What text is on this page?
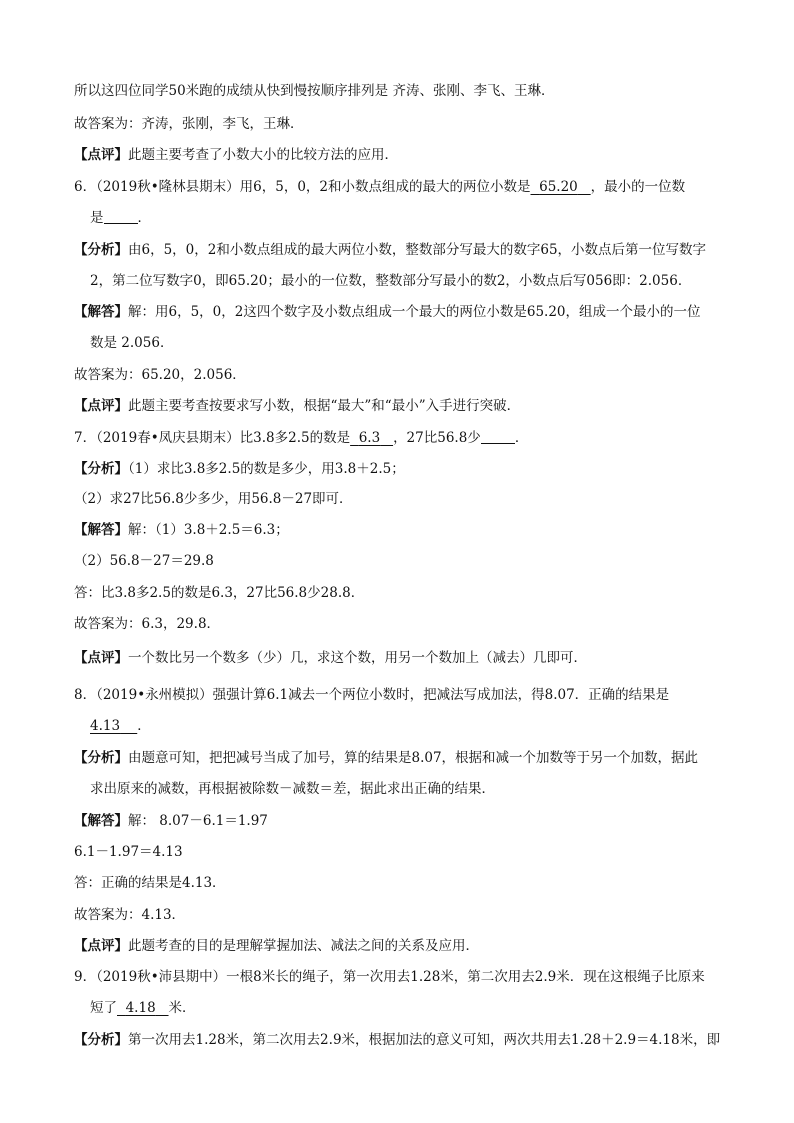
所以这四位同学50米跑的成绩从快到慢按顺序排列是 齐涛、张刚、李飞、王琳．
故答案为：齐涛，张刚，李飞，王琳．
【点评】此题主要考查了小数大小的比较方法的应用．
6．（2019秋•隆林县期末）用6，5，0，2和小数点组成的最大的两位小数是 65.20 ，最小的一位数
是	．
【分析】由6，5，0，2和小数点组成的最大两位小数，整数部分写最大的数字65，小数点后第一位写数字
2，第二位写数字0，即65.20；最小的一位数，整数部分写最小的数2，小数点后写056即：2.056．
【解答】解：用6，5，0，2这四个数字及小数点组成一个最大的两位小数是65.20，组成一个最小的一位
数是 2.056．
故答案为：65.20，2.056．
【点评】此题主要考查按要求写小数，根据“最大”和“最小”入手进行突破．
7．（2019春•凤庆县期末）比3.8多2.5的数是 6.3 ，27比56.8少	．
【分析】（1）求比3.8多2.5的数是多少，用3.8＋2.5；
（2）求27比56.8少多少，用56.8－27即可．
【解答】解：（1）3.8＋2.5＝6.3；
（2）56.8－27＝29.8
答：比3.8多2.5的数是6.3，27比56.8少28.8．
故答案为：6.3，29.8．
【点评】一个数比另一个数多（少）几，求这个数，用另一个数加上（减去）几即可．
8．（2019•永州模拟）强强计算6.1减去一个两位小数时，把减法写成加法，得8.07．正确的结果是
4.13 ．
【分析】由题意可知，把把减号当成了加号，算的结果是8.07，根据和减一个加数等于另一个加数，据此
求出原来的减数，再根据被除数－减数＝差，据此求出正确的结果．
【解答】解： 8.07－6.1＝1.97
6.1－1.97＝4.13
答：正确的结果是4.13．
故答案为：4.13．
【点评】此题考查的目的是理解掌握加法、减法之间的关系及应用．
9．（2019秋•沛县期中）一根8米长的绳子，第一次用去1.28米，第二次用去2.9米．现在这根绳子比原来
短了 4.18 米．
【分析】第一次用去1.28米，第二次用去2.9米，根据加法的意义可知，两次共用去1.28＋2.9＝4.18米，即
